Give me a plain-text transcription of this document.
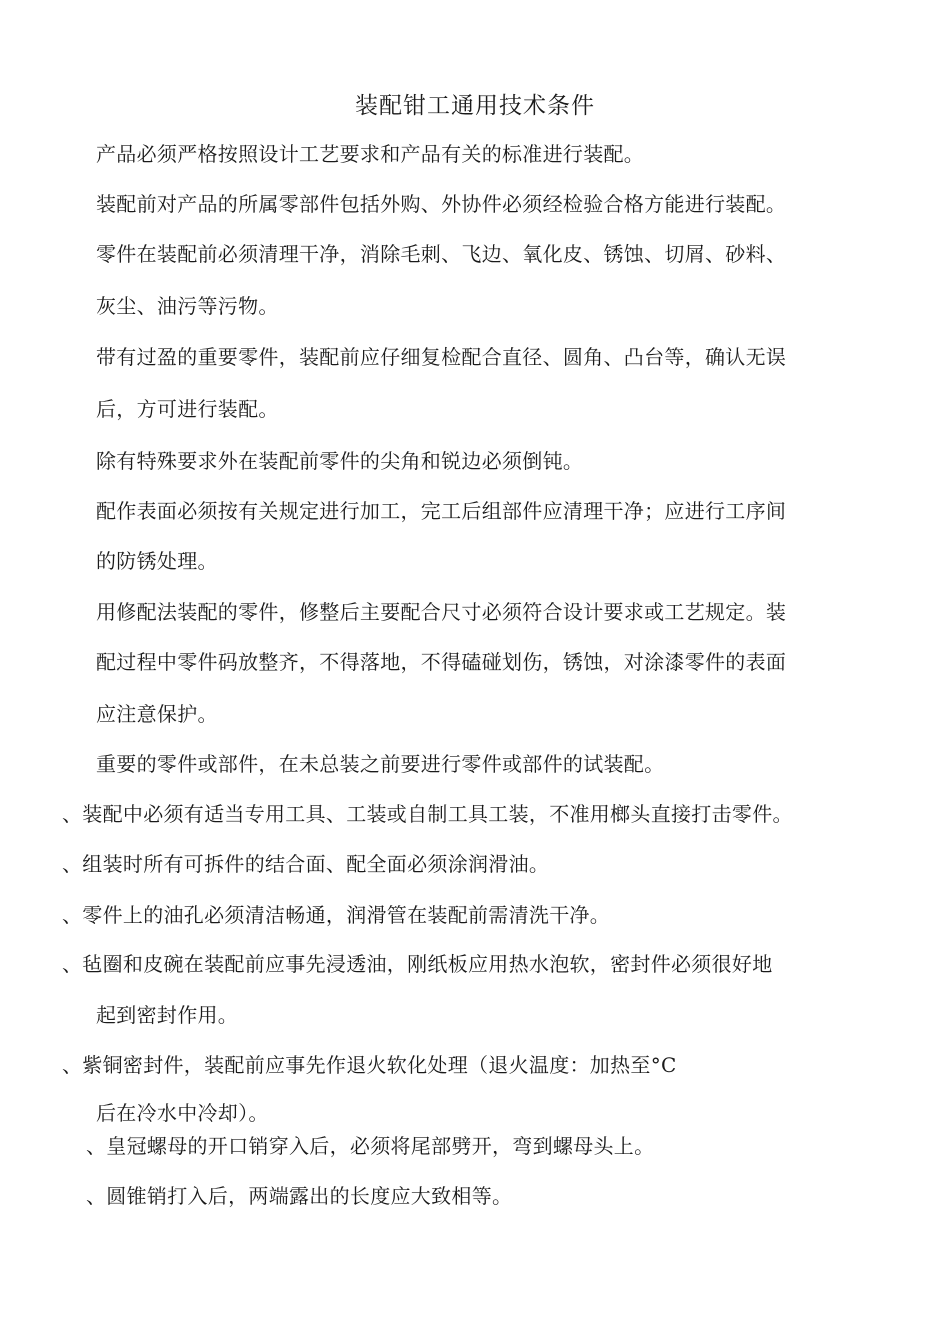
装配钳工通用技术条件
产品必须严格按照设计工艺要求和产品有关的标准进行装配。
装配前对产品的所属零部件包括外购、外协件必须经检验合格方能进行装配。
零件在装配前必须清理干净，消除毛刺、飞边、氧化皮、锈蚀、切屑、砂料、
灰尘、油污等污物。
带有过盈的重要零件，装配前应仔细复检配合直径、圆角、凸台等，确认无误
后，方可进行装配。
除有特殊要求外在装配前零件的尖角和锐边必须倒钝。
配作表面必须按有关规定进行加工，完工后组部件应清理干净；应进行工序间
的防锈处理。
用修配法装配的零件，修整后主要配合尺寸必须符合设计要求或工艺规定。装
配过程中零件码放整齐，不得落地，不得磕碰划伤，锈蚀，对涂漆零件的表面
应注意保护。
重要的零件或部件，在未总装之前要进行零件或部件的试装配。
、装配中必须有适当专用工具、工装或自制工具工装，不准用榔头直接打击零件。
、组装时所有可拆件的结合面、配全面必须涂润滑油。
、零件上的油孔必须清洁畅通，润滑管在装配前需清洗干净。
、毡圈和皮碗在装配前应事先浸透油，刚纸板应用热水泡软，密封件必须很好地
起到密封作用。
、紫铜密封件，装配前应事先作退火软化处理（退火温度：加热至°C
后在冷水中冷却）。
、皇冠螺母的开口销穿入后，必须将尾部劈开，弯到螺母头上。
、圆锥销打入后，两端露出的长度应大致相等。
